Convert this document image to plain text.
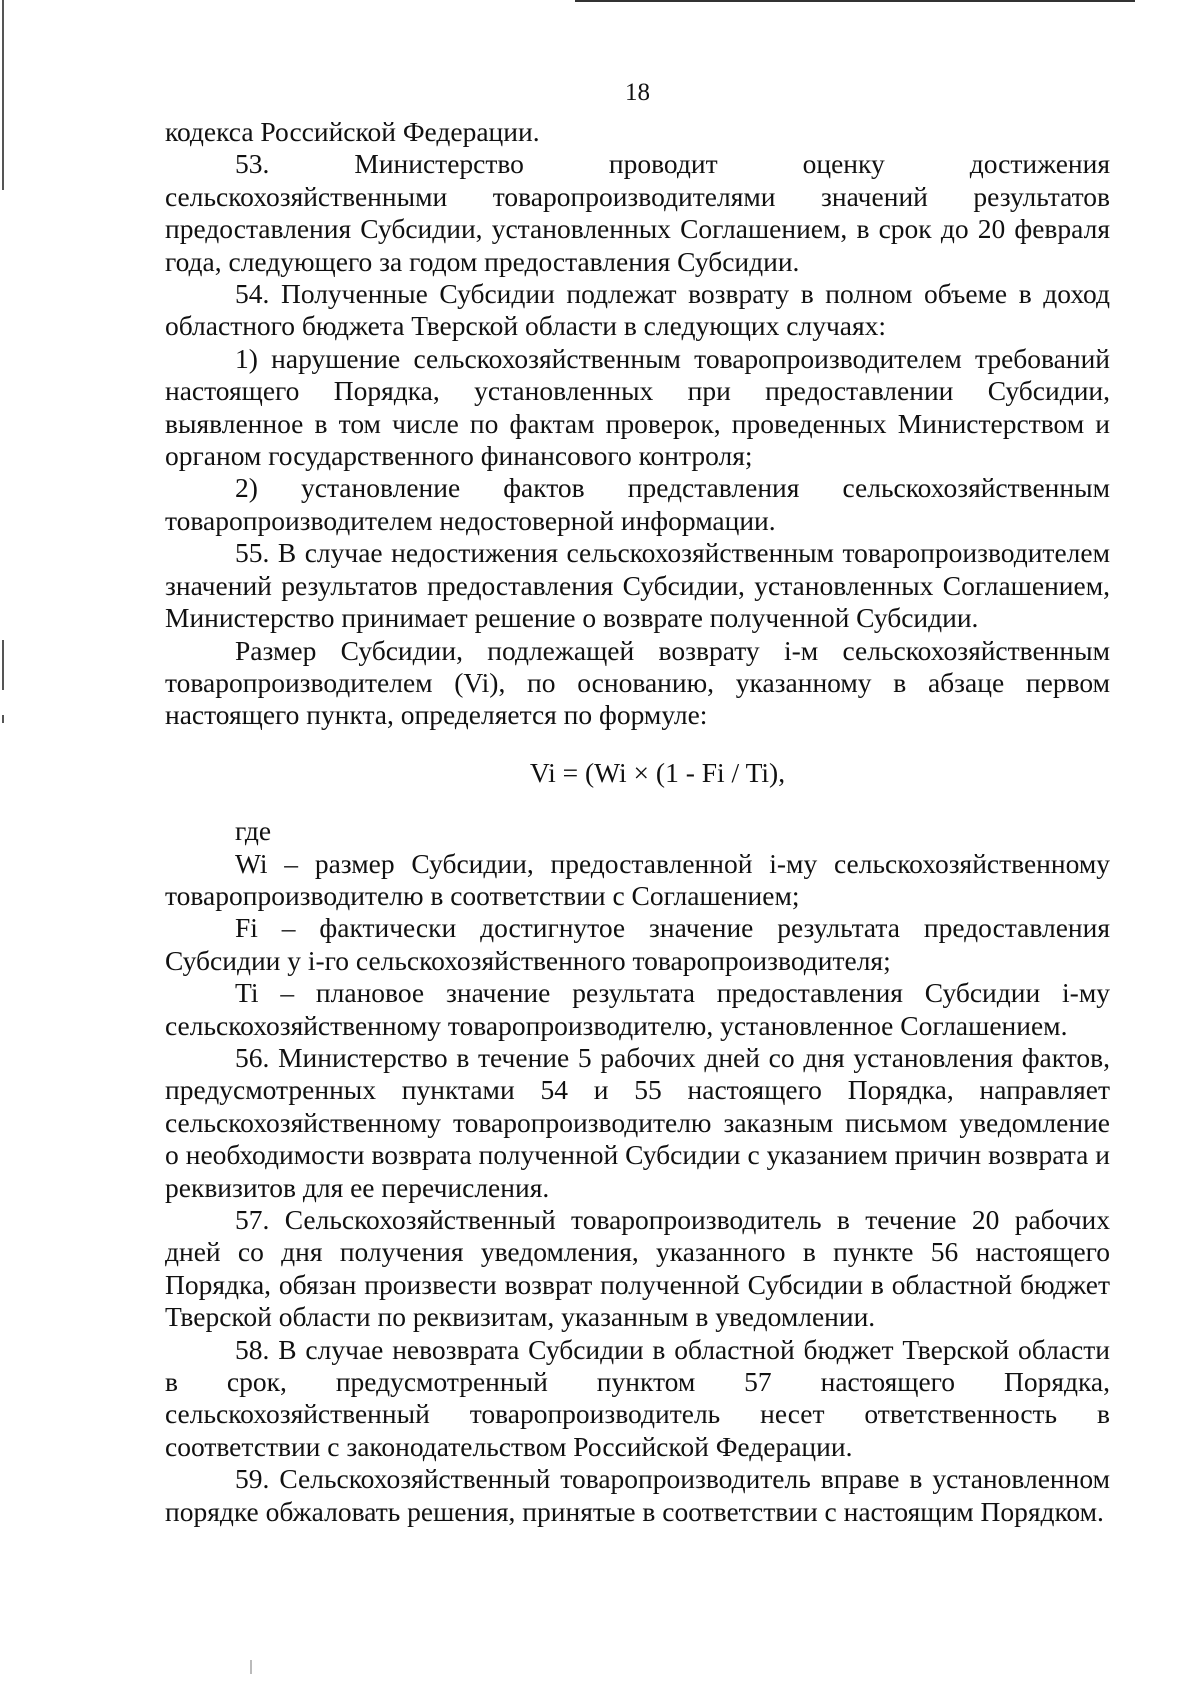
18

кодекса Российской Федерации.

53. Министерство проводит оценку достижения

сельскохозяйственными товаропроизводителями значений результатов предоставления Субсидии, установленных Соглашением, в срок до 20 февраля года, следующего за годом предоставления Субсидии.

54. Полученные Субсидии подлежат возврату в полном объеме в доход областного бюджета Тверской области в следующих случаях:

1) нарушение сельскохозяйственным товаропроизводителем требований настоящего Порядка, установленных при предоставлении Субсидии, выявленное в том числе по фактам проверок, проведенных Министерством и органом государственного финансового контроля;

2) установление фактов представления сельскохозяйственным товаропроизводителем недостоверной информации.

55. В случае недостижения сельскохозяйственным товаропроизводителем значений результатов предоставления Субсидии, установленных Соглашением, Министерство принимает решение о возврате полученной Субсидии.

Размер Субсидии, подлежащей возврату i-м сельскохозяйственным товаропроизводителем (Vi), по основанию, указанному в абзаце первом настоящего пункта, определяется по формуле:

Vi = (Wi × (1 - Fi / Ti),

где

Wi – размер Субсидии, предоставленной i-му сельскохозяйственному товаропроизводителю в соответствии с Соглашением;

Fi – фактически достигнутое значение результата предоставления Субсидии у i-го сельскохозяйственного товаропроизводителя;

Ti – плановое значение результата предоставления Субсидии i-му сельскохозяйственному товаропроизводителю, установленное Соглашением.

56. Министерство в течение 5 рабочих дней со дня установления фактов, предусмотренных пунктами 54 и 55 настоящего Порядка, направляет сельскохозяйственному товаропроизводителю заказным письмом уведомление о необходимости возврата полученной Субсидии с указанием причин возврата и реквизитов для ее перечисления.

57. Сельскохозяйственный товаропроизводитель в течение 20 рабочих дней со дня получения уведомления, указанного в пункте 56 настоящего Порядка, обязан произвести возврат полученной Субсидии в областной бюджет Тверской области по реквизитам, указанным в уведомлении.

58. В случае невозврата Субсидии в областной бюджет Тверской области в срок, предусмотренный пунктом 57 настоящего Порядка, сельскохозяйственный товаропроизводитель несет ответственность в соответствии с законодательством Российской Федерации.

59. Сельскохозяйственный товаропроизводитель вправе в установленном порядке обжаловать решения, принятые в соответствии с настоящим Порядком.
